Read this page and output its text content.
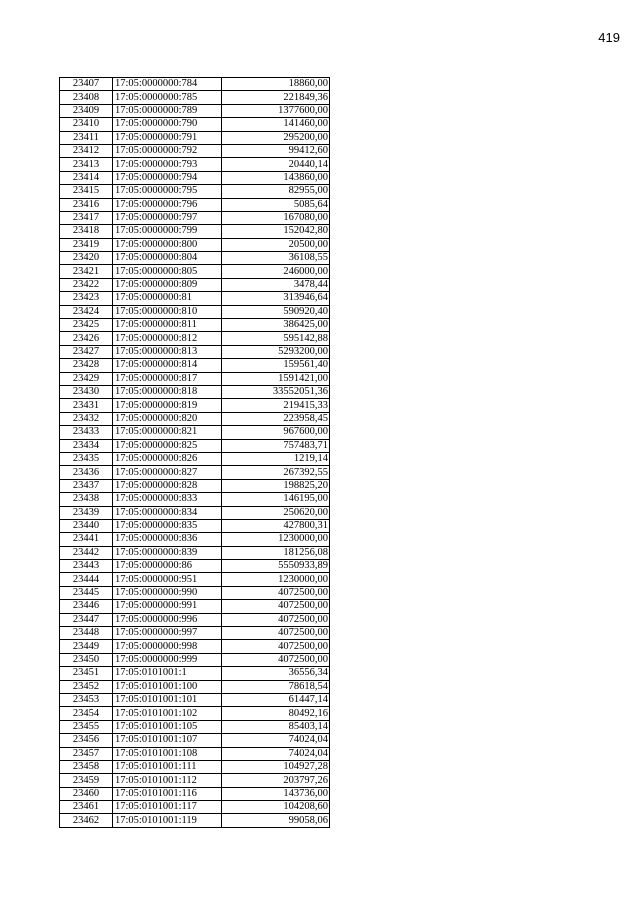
419
23407	17:05:0000000:784	18860,00
23408	17:05:0000000:785	221849,36
23409	17:05:0000000:789	1377600,00
23410	17:05:0000000:790	141460,00
23411	17:05:0000000:791	295200,00
23412	17:05:0000000:792	99412,60
23413	17:05:0000000:793	20440,14
23414	17:05:0000000:794	143860,00
23415	17:05:0000000:795	82955,00
23416	17:05:0000000:796	5085,64
23417	17:05:0000000:797	167080,00
23418	17:05:0000000:799	152042,80
23419	17:05:0000000:800	20500,00
23420	17:05:0000000:804	36108,55
23421	17:05:0000000:805	246000,00
23422	17:05:0000000:809	3478,44
23423	17:05:0000000:81	313946,64
23424	17:05:0000000:810	590920,40
23425	17:05:0000000:811	386425,00
23426	17:05:0000000:812	595142,88
23427	17:05:0000000:813	5293200,00
23428	17:05:0000000:814	159561,40
23429	17:05:0000000:817	1591421,00
23430	17:05:0000000:818	33552051,36
23431	17:05:0000000:819	219415,33
23432	17:05:0000000:820	223958,45
23433	17:05:0000000:821	967600,00
23434	17:05:0000000:825	757483,71
23435	17:05:0000000:826	1219,14
23436	17:05:0000000:827	267392,55
23437	17:05:0000000:828	198825,20
23438	17:05:0000000:833	146195,00
23439	17:05:0000000:834	250620,00
23440	17:05:0000000:835	427800,31
23441	17:05:0000000:836	1230000,00
23442	17:05:0000000:839	181256,08
23443	17:05:0000000:86	5550933,89
23444	17:05:0000000:951	1230000,00
23445	17:05:0000000:990	4072500,00
23446	17:05:0000000:991	4072500,00
23447	17:05:0000000:996	4072500,00
23448	17:05:0000000:997	4072500,00
23449	17:05:0000000:998	4072500,00
23450	17:05:0000000:999	4072500,00
23451	17:05:0101001:1	36556,34
23452	17:05:0101001:100	78618,54
23453	17:05:0101001:101	61447,14
23454	17:05:0101001:102	80492,16
23455	17:05:0101001:105	85403,14
23456	17:05:0101001:107	74024,04
23457	17:05:0101001:108	74024,04
23458	17:05:0101001:111	104927,28
23459	17:05:0101001:112	203797,26
23460	17:05:0101001:116	143736,00
23461	17:05:0101001:117	104208,60
23462	17:05:0101001:119	99058,06
